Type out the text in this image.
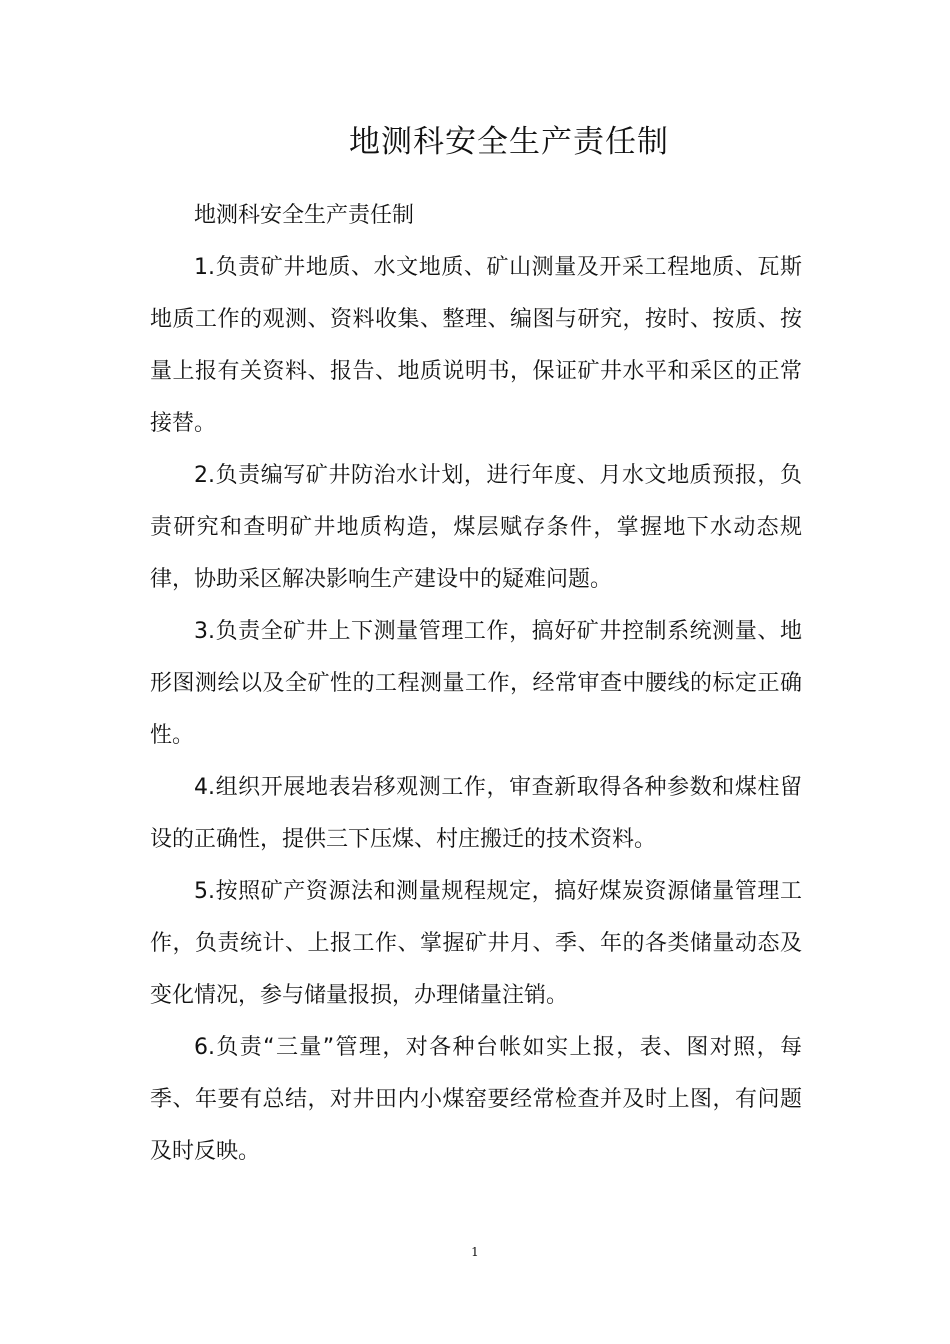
地测科安全生产责任制

地测科安全生产责任制

1.负责矿井地质、水文地质、矿山测量及开采工程地质、瓦斯地质工作的观测、资料收集、整理、编图与研究，按时、按质、按量上报有关资料、报告、地质说明书，保证矿井水平和采区的正常接替。

2.负责编写矿井防治水计划，进行年度、月水文地质预报，负责研究和查明矿井地质构造，煤层赋存条件，掌握地下水动态规律，协助采区解决影响生产建设中的疑难问题。

3.负责全矿井上下测量管理工作，搞好矿井控制系统测量、地形图测绘以及全矿性的工程测量工作，经常审查中腰线的标定正确性。

4.组织开展地表岩移观测工作，审查新取得各种参数和煤柱留设的正确性，提供三下压煤、村庄搬迁的技术资料。

5.按照矿产资源法和测量规程规定，搞好煤炭资源储量管理工作，负责统计、上报工作、掌握矿井月、季、年的各类储量动态及变化情况，参与储量报损，办理储量注销。

6.负责“三量”管理，对各种台帐如实上报，表、图对照，每季、年要有总结，对井田内小煤窑要经常检查并及时上图，有问题及时反映。

1
